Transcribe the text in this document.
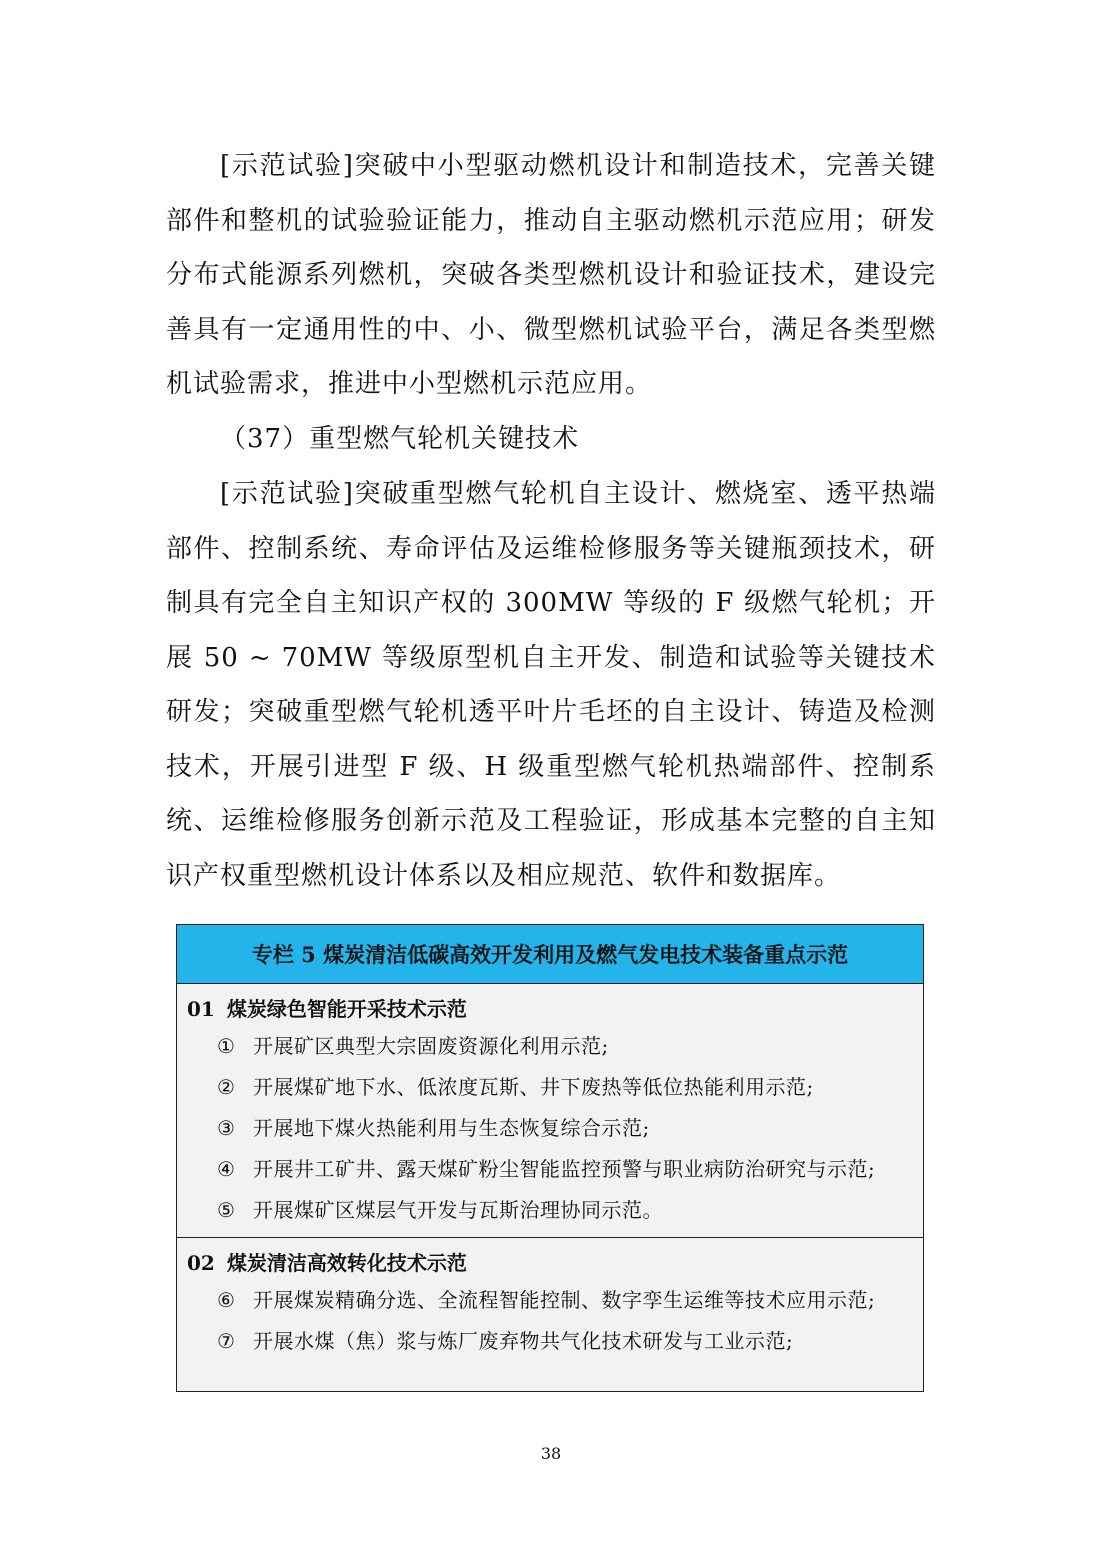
[示范试验]突破中小型驱动燃机设计和制造技术，完善关键部件和整机的试验验证能力，推动自主驱动燃机示范应用；研发分布式能源系列燃机，突破各类型燃机设计和验证技术，建设完善具有一定通用性的中、小、微型燃机试验平台，满足各类型燃机试验需求，推进中小型燃机示范应用。

（37）重型燃气轮机关键技术

[示范试验]突破重型燃气轮机自主设计、燃烧室、透平热端部件、控制系统、寿命评估及运维检修服务等关键瓶颈技术，研制具有完全自主知识产权的 300MW 等级的 F 级燃气轮机；开展 50 ~ 70MW 等级原型机自主开发、制造和试验等关键技术研发；突破重型燃气轮机透平叶片毛坯的自主设计、铸造及检测技术，开展引进型 F 级、H 级重型燃气轮机热端部件、控制系统、运维检修服务创新示范及工程验证，形成基本完整的自主知识产权重型燃机设计体系以及相应规范、软件和数据库。

专栏 5 煤炭清洁低碳高效开发利用及燃气发电技术装备重点示范
01 煤炭绿色智能开采技术示范
① 开展矿区典型大宗固废资源化利用示范;
② 开展煤矿地下水、低浓度瓦斯、井下废热等低位热能利用示范;
③ 开展地下煤火热能利用与生态恢复综合示范;
④ 开展井工矿井、露天煤矿粉尘智能监控预警与职业病防治研究与示范;
⑤ 开展煤矿区煤层气开发与瓦斯治理协同示范。
02 煤炭清洁高效转化技术示范
⑥ 开展煤炭精确分选、全流程智能控制、数字孪生运维等技术应用示范;
⑦ 开展水煤（焦）浆与炼厂废弃物共气化技术研发与工业示范;
38
